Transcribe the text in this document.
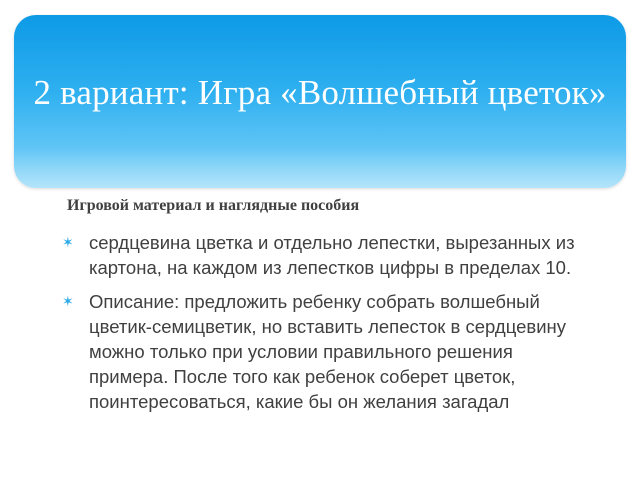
2 вариант: Игра «Волшебный цветок»

Игровой материал и наглядные пособия

✶ сердцевина цветка и отдельно лепестки, вырезанных из картона, на каждом из лепестков цифры в пределах 10.
✶ Описание: предложить ребенку собрать волшебный цветик-семицветик, но вставить лепесток в сердцевину можно только при условии правильного решения примера. После того как ребенок соберет цветок, поинтересоваться, какие бы он желания загадал
